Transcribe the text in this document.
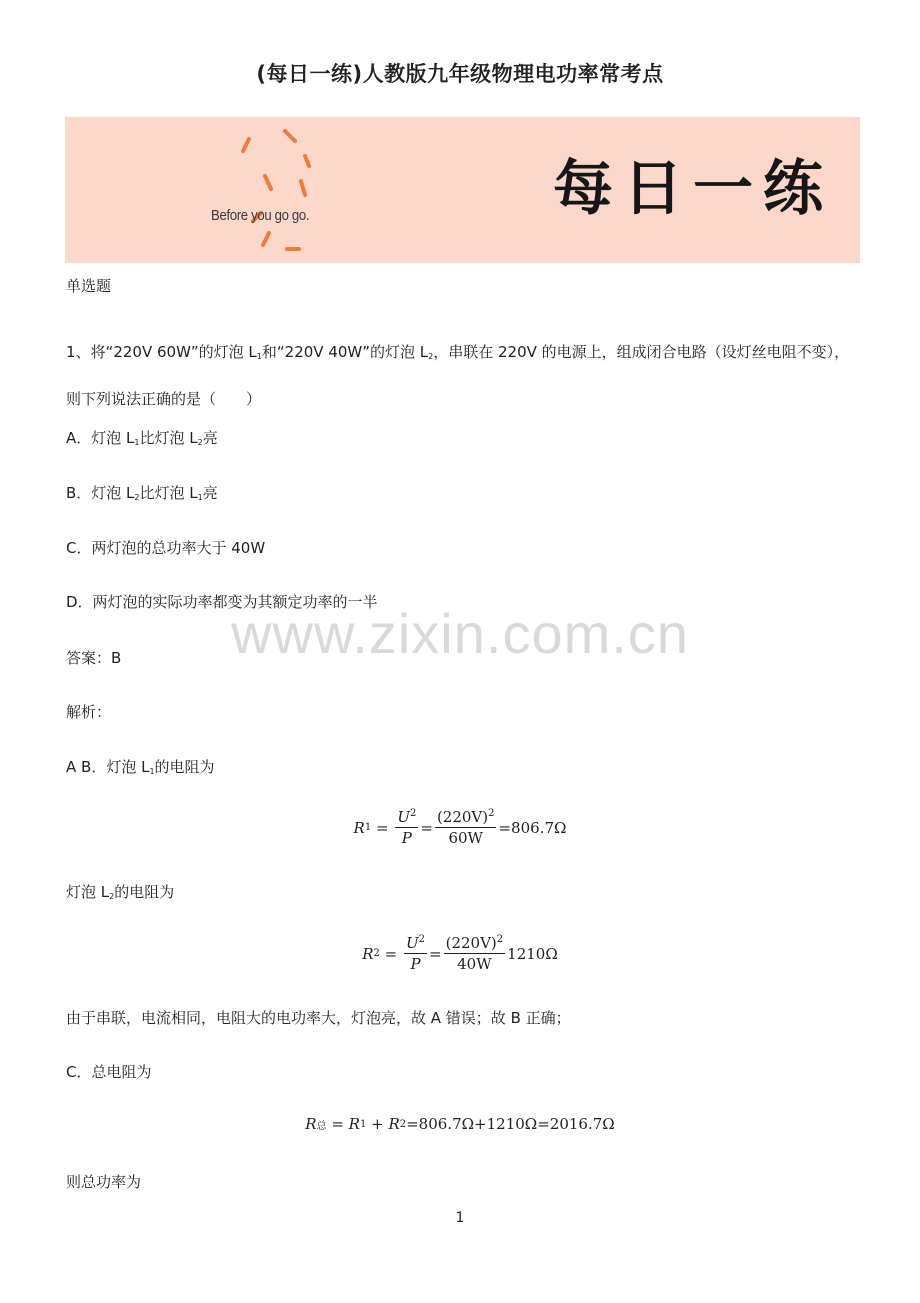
(每日一练)人教版九年级物理电功率常考点
Before you go go.	每日一练
单选题
1、将“220V 60W”的灯泡 $L_1$和“220V 40W”的灯泡 $L_2$，串联在 220V 的电源上，组成闭合电路（设灯丝电阻不变），则下列说法正确的是（　　）
A．灯泡 $L_1$比灯泡 $L_2$亮
B．灯泡 $L_2$比灯泡 $L_1$亮
C．两灯泡的总功率大于 40W
D．两灯泡的实际功率都变为其额定功率的一半
www.zixin.com.cn
答案：B
解析：
A B．灯泡 $L_1$的电阻为
R $1 = \frac{U^2}{P} = \frac{(220V)^2}{60W} =806.7\Omega$
灯泡 $L_2$的电阻为
R $2 = \frac{U^2}{P} = \frac{(220V)^2}{40W} 1210\Omega$
由于串联，电流相同，电阻大的电功率大，灯泡亮，故 A 错误；故 B 正确；
C．总电阻为
R 总 = R 1 + R 2 =806.7Ω+1210Ω=2016.7Ω
则总功率为
1
